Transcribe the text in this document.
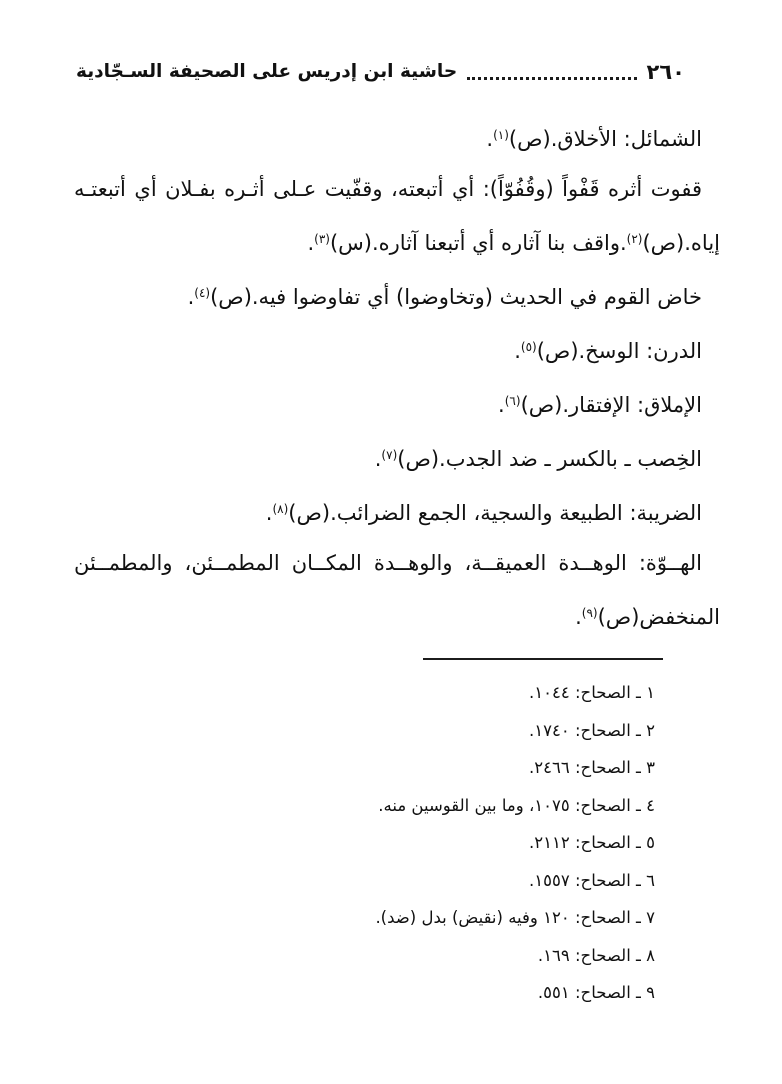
٢٦٠
حاشية ابن إدريس على الصحيفة السـجّادية

الشمائل: الأخلاق.(ص)$^{(١)}$.

قفوت أثره قَفْواً (وقُفُوّاً): أي أتبعته، وقفّيت عـلى أثـره بفـلان أي أتبعتـه إياه.(ص)$^{(٢)}$.واقف بنا آثاره أي أتبعنا آثاره.(س)$^{(٣)}$.

خاض القوم في الحديث (وتخاوضوا) أي تفاوضوا فيه.(ص)$^{(٤)}$.

الدرن: الوسخ.(ص)$^{(٥)}$.

الإملاق: الإفتقار.(ص)$^{(٦)}$.

الخِصب ـ بالكسر ـ ضد الجدب.(ص)$^{(٧)}$.

الضريبة: الطبيعة والسجية، الجمع الضرائب.(ص)$^{(٨)}$.

الهــوّة: الوهــدة العميقــة، والوهــدة المكــان المطمــئن، والمطمــئن المنخفض(ص)$^{(٩)}$.

١ ـ الصحاح: ١٠٤٤.
٢ ـ الصحاح: ١٧٤٠.
٣ ـ الصحاح: ٢٤٦٦.
٤ ـ الصحاح: ١٠٧٥، وما بين القوسين منه.
٥ ـ الصحاح: ٢١١٢.
٦ ـ الصحاح: ١٥٥٧.
٧ ـ الصحاح: ١٢٠ وفيه (نقيض) بدل (ضد).
٨ ـ الصحاح: ١٦٩.
٩ ـ الصحاح: ٥٥١.
